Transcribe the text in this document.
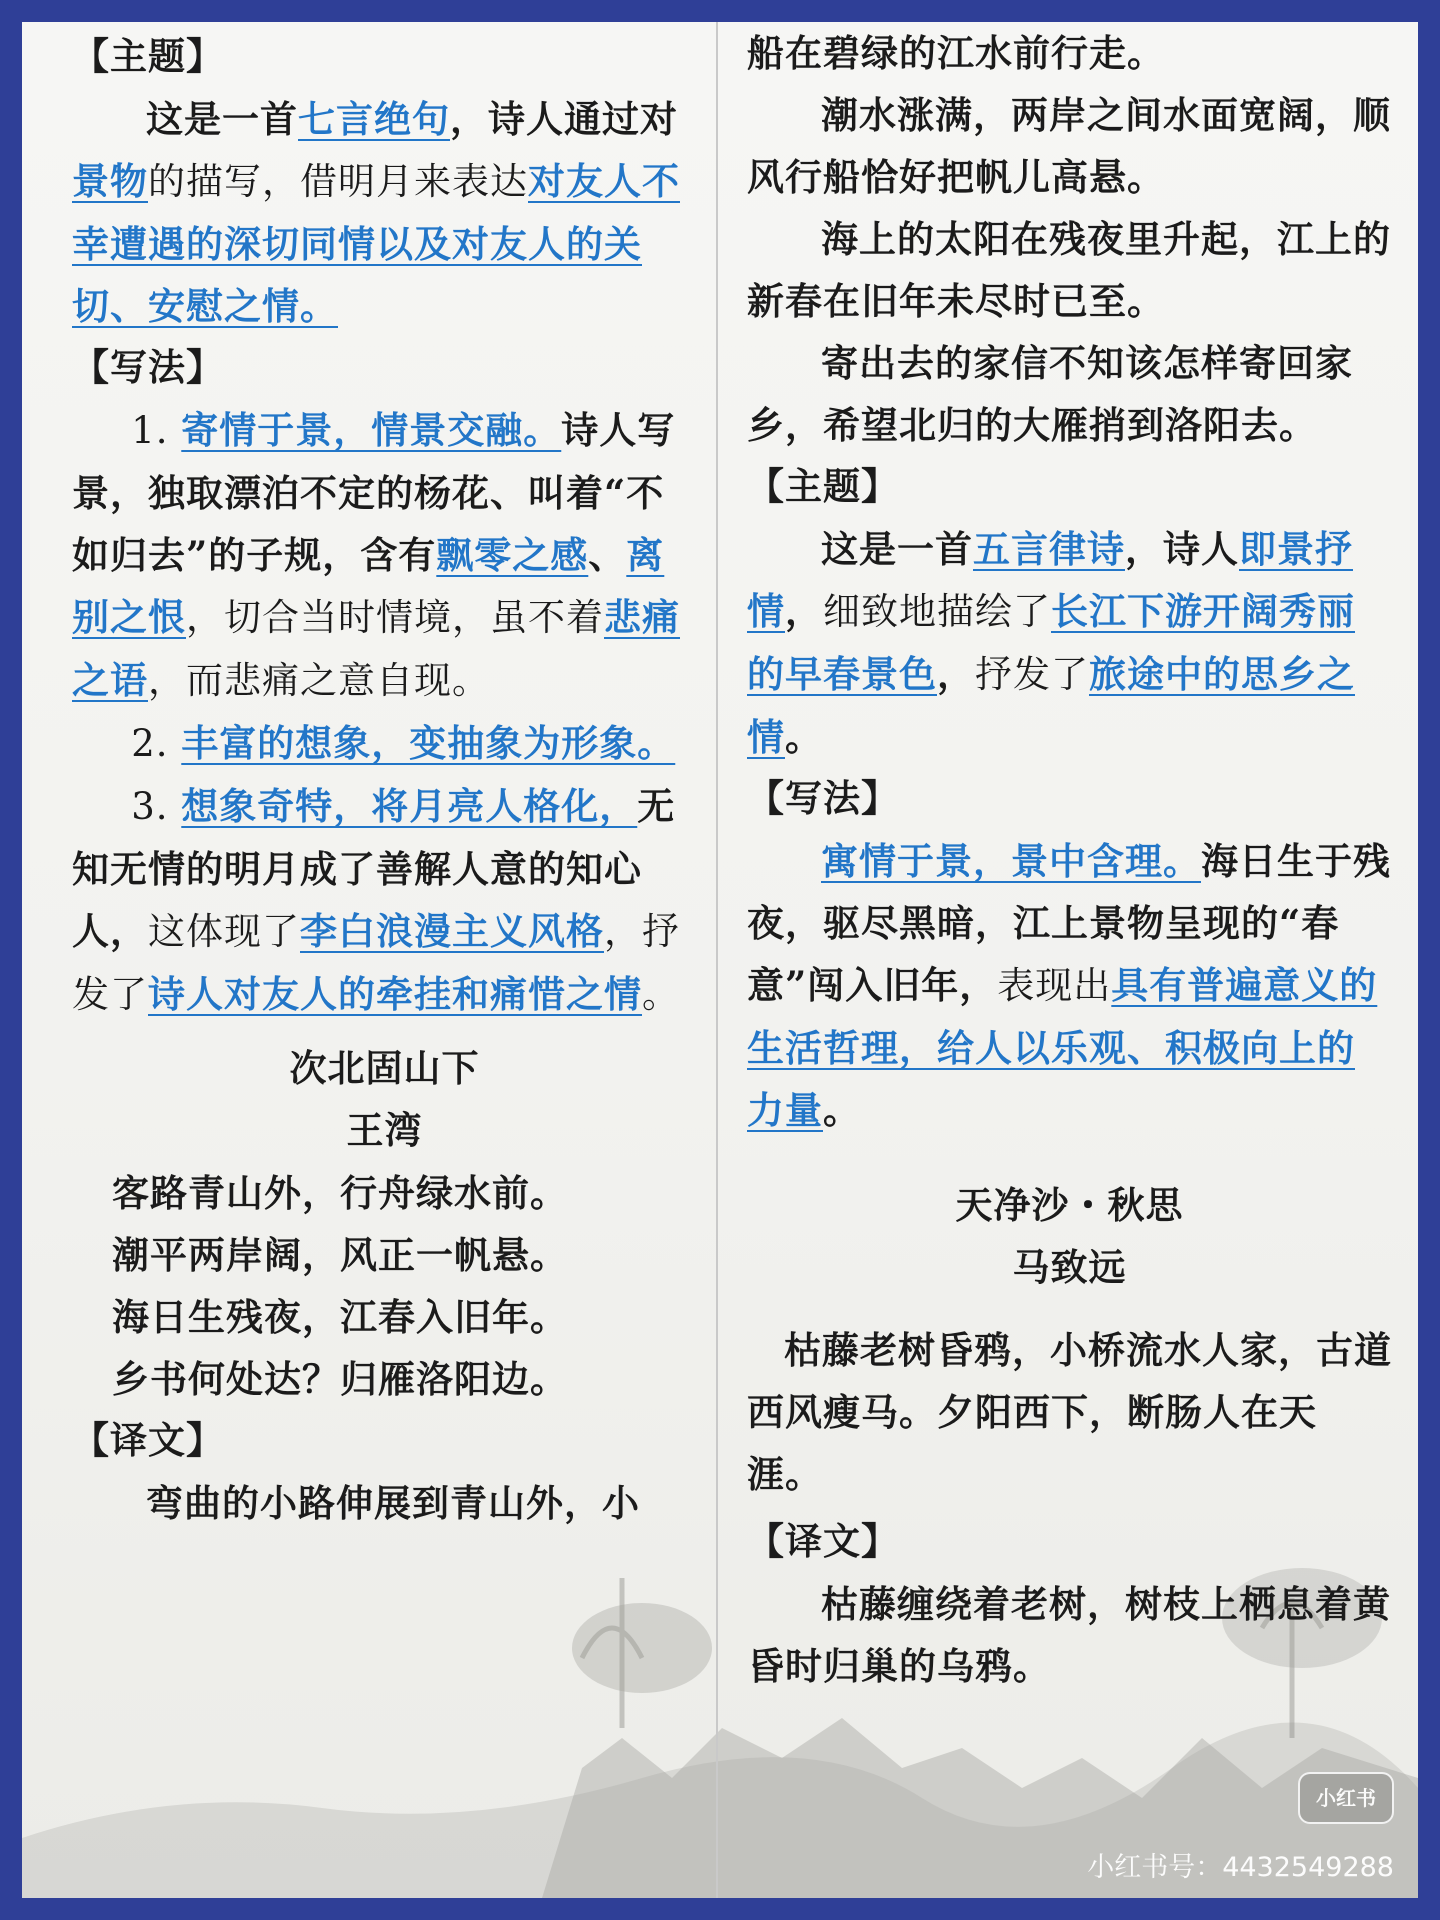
【主题】

这是一首七言绝句，诗人通过对景物的描写，借明月来表达对友人不幸遭遇的深切同情以及对友人的关切、安慰之情。

【写法】

1. 寄情于景，情景交融。诗人写景，独取漂泊不定的杨花、叫着“不如归去”的子规，含有飘零之感、离别之恨，切合当时情境，虽不着悲痛之语，而悲痛之意自现。

2. 丰富的想象，变抽象为形象。

3. 想象奇特，将月亮人格化，无知无情的明月成了善解人意的知心人，这体现了李白浪漫主义风格，抒发了诗人对友人的牵挂和痛惜之情。

次北固山下

王湾

客路青山外，行舟绿水前。

潮平两岸阔，风正一帆悬。

海日生残夜，江春入旧年。

乡书何处达？归雁洛阳边。

【译文】

弯曲的小路伸展到青山外，小

船在碧绿的江水前行走。

潮水涨满，两岸之间水面宽阔，顺风行船恰好把帆儿高悬。

海上的太阳在残夜里升起，江上的新春在旧年未尽时已至。

寄出去的家信不知该怎样寄回家乡，希望北归的大雁捎到洛阳去。

【主题】

这是一首五言律诗，诗人即景抒情，细致地描绘了长江下游开阔秀丽的早春景色，抒发了旅途中的思乡之情。

【写法】

寓情于景，景中含理。海日生于残夜，驱尽黑暗，江上景物呈现的“春意”闯入旧年，表现出具有普遍意义的生活哲理，给人以乐观、积极向上的力量。

天净沙・秋思

马致远

枯藤老树昏鸦，小桥流水人家，古道西风瘦马。夕阳西下，断肠人在天涯。

【译文】

枯藤缠绕着老树，树枝上栖息着黄昏时归巢的乌鸦。

小红书
小红书号：4432549288
